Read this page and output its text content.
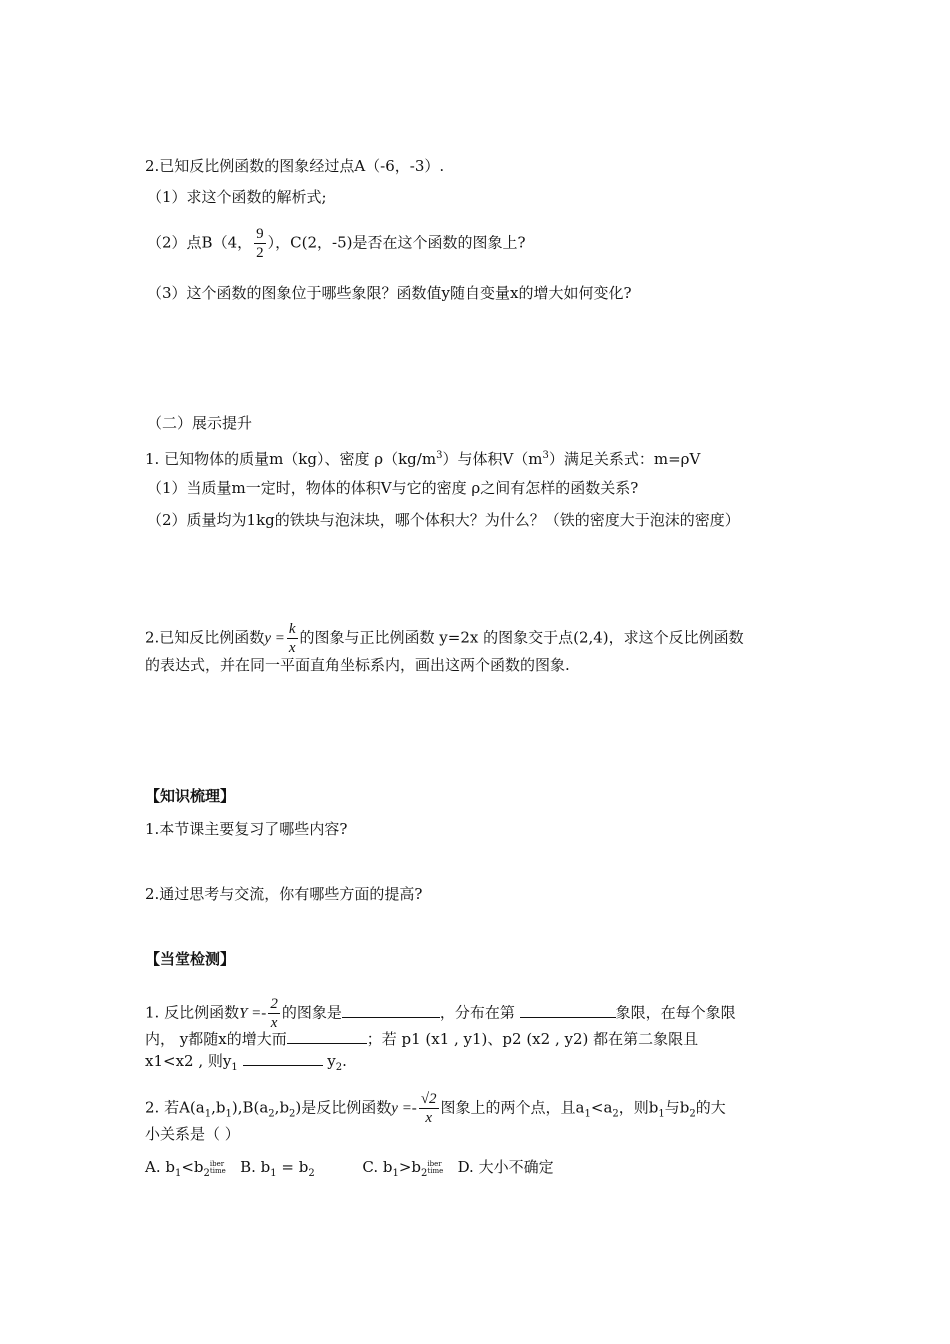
2.已知反比例函数的图象经过点A（-6，-3）.
（1）求这个函数的解析式;
（2）点B（4， $\frac{9}{2}$ ），C(2，-5)是否在这个函数的图象上?
（3）这个函数的图象位于哪些象限？函数值y随自变量x的增大如何变化?
（二）展示提升
1. 已知物体的质量m（kg）、密度 $\rho(kg/m^3)$与体积$V(m^3)$满足关系式：m=ρV
（1）当质量m一定时，物体的体积V与它的密度 ρ之间有怎样的函数关系?
（2）质量均为1kg的铁块与泡沫块，哪个体积大？为什么？（铁的密度大于泡沫的密度）
2.已知反比例函数$y = \frac{k}{x}$ 的图象与正比例函数 y=2x 的图象交于点(2,4)，求这个反比例函数
的表达式，并在同一平面直角坐标系内，画出这两个函数的图象.
【知识梳理】
1.本节课主要复习了哪些内容?
2.通过思考与交流，你有哪些方面的提高?
【当堂检测】
1. 反比例函数$Y =- \frac{2}{x}$ 的图象是	，分布在第	象限，在每个象限
内， y都随x的增大而	；若 p1 (x1 , y1)、p2 (x2 , y2) 都在第二象限且
x1<x2 , 则$y_1$	$y_2$.
2. 若$A(a_1,b_1),B(a_2,b_2)$是反比例函数$y =- \frac{√2}{x}$ 图象上的两个点，且$a_1<a_2$，则$b_1$与$b_2$的大
小关系是（ ）
A. $b_1<b_2iber$
time B. $b_1 = b_2$	C. $b_1>b_2iber$
time D. 大小不确定
